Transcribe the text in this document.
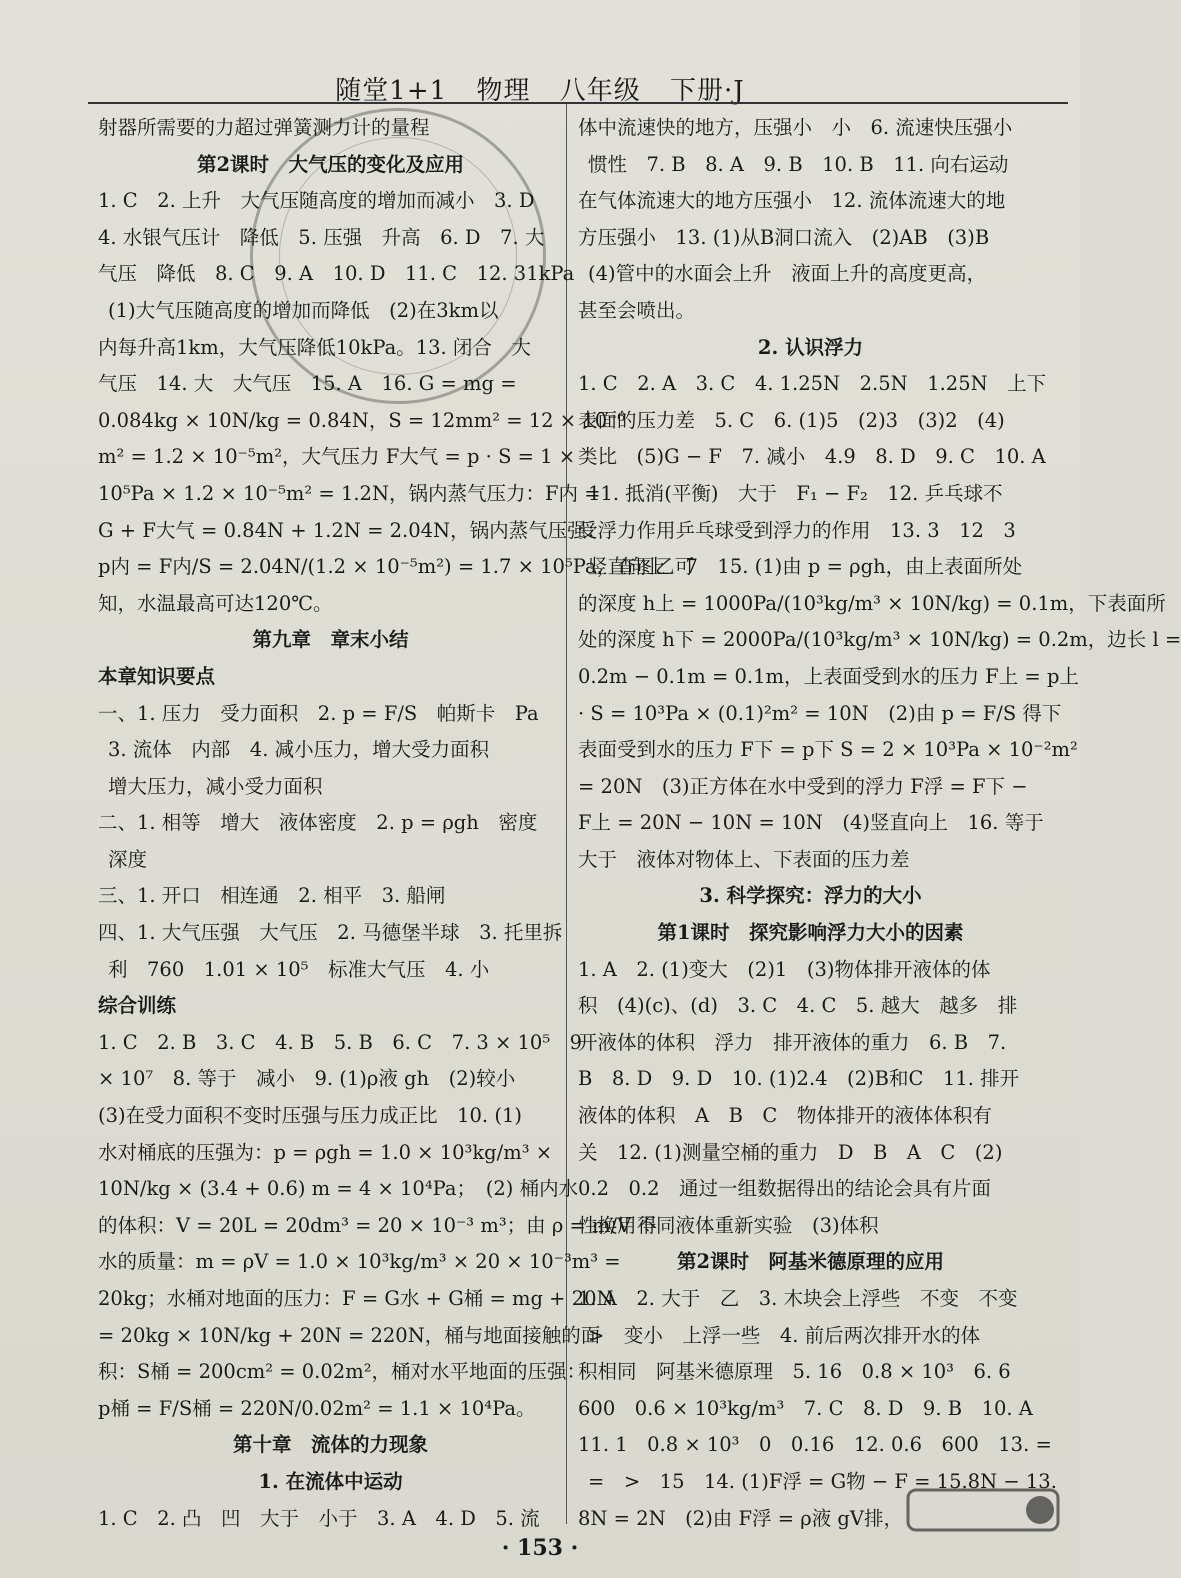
随堂1+1 物理 八年级 下册·J

射器所需要的力超过弹簧测力计的量程

第2课时　大气压的变化及应用

1. C　2. 上升　大气压随高度的增加而减小　3. D

4. 水银气压计　降低　5. 压强　升高　6. D　7. 大

气压　降低　8. C　9. A　10. D　11. C　12. 31kPa

(1)大气压随高度的增加而降低　(2)在3km以

内每升高1km，大气压降低10kPa。13. 闭合　大

气压　14. 大　大气压　15. A　16. G = mg =

0.084kg × 10N/kg = 0.84N，S = 12mm² = 12 × 10⁻⁶

m² = 1.2 × 10⁻⁵m²，大气压力 F大气 = p · S = 1 ×

10⁵Pa × 1.2 × 10⁻⁵m² = 1.2N，锅内蒸气压力：F内 =

G + F大气 = 0.84N + 1.2N = 2.04N，锅内蒸气压强：

p内 = F内/S = 2.04N/(1.2 × 10⁻⁵m²) = 1.7 × 10⁵Pa，查图乙可

知，水温最高可达120℃。

第九章　章末小结

本章知识要点

一、1. 压力　受力面积　2. p = F/S　帕斯卡　Pa

3. 流体　内部　4. 减小压力，增大受力面积

增大压力，减小受力面积

二、1. 相等　增大　液体密度　2. p = ρgh　密度

深度

三、1. 开口　相连通　2. 相平　3. 船闸

四、1. 大气压强　大气压　2. 马德堡半球　3. 托里拆

利　760　1.01 × 10⁵　标准大气压　4. 小

综合训练

1. C　2. B　3. C　4. B　5. B　6. C　7. 3 × 10⁵　9

× 10⁷　8. 等于　减小　9. (1)ρ液 gh　(2)较小

(3)在受力面积不变时压强与压力成正比　10. (1)

水对桶底的压强为：p = ρgh = 1.0 × 10³kg/m³ ×

10N/kg × (3.4 + 0.6) m = 4 × 10⁴Pa；　(2) 桶内水

的体积：V = 20L = 20dm³ = 20 × 10⁻³ m³；由 ρ = m/V 得

水的质量：m = ρV = 1.0 × 10³kg/m³ × 20 × 10⁻³m³ =

20kg；水桶对地面的压力：F = G水 + G桶 = mg + 20N

= 20kg × 10N/kg + 20N = 220N，桶与地面接触的面

积：S桶 = 200cm² = 0.02m²，桶对水平地面的压强：

p桶 = F/S桶 = 220N/0.02m² = 1.1 × 10⁴Pa。

第十章　流体的力现象

1. 在流体中运动

1. C　2. 凸　凹　大于　小于　3. A　4. D　5. 流

体中流速快的地方，压强小　小　6. 流速快压强小

惯性　7. B　8. A　9. B　10. B　11. 向右运动

在气体流速大的地方压强小　12. 流体流速大的地

方压强小　13. (1)从B洞口流入　(2)AB　(3)B

(4)管中的水面会上升　液面上升的高度更高，

甚至会喷出。

2. 认识浮力

1. C　2. A　3. C　4. 1.25N　2.5N　1.25N　上下

表面的压力差　5. C　6. (1)5　(2)3　(3)2　(4)

类比　(5)G − F　7. 减小　4.9　8. D　9. C　10. A

11. 抵消(平衡)　大于　F₁ − F₂　12. 乒乓球不

受浮力作用乒乓球受到浮力的作用　13. 3　12　3

竖直向上　7　15. (1)由 p = ρgh，由上表面所处

的深度 h上 = 1000Pa/(10³kg/m³ × 10N/kg) = 0.1m，下表面所

处的深度 h下 = 2000Pa/(10³kg/m³ × 10N/kg) = 0.2m，边长 l =

0.2m − 0.1m = 0.1m，上表面受到水的压力 F上 = p上

· S = 10³Pa × (0.1)²m² = 10N　(2)由 p = F/S 得下

表面受到水的压力 F下 = p下 S = 2 × 10³Pa × 10⁻²m²

= 20N　(3)正方体在水中受到的浮力 F浮 = F下 −

F上 = 20N − 10N = 10N　(4)竖直向上　16. 等于

大于　液体对物体上、下表面的压力差

3. 科学探究：浮力的大小

第1课时　探究影响浮力大小的因素

1. A　2. (1)变大　(2)1　(3)物体排开液体的体

积　(4)(c)、(d)　3. C　4. C　5. 越大　越多　排

开液体的体积　浮力　排开液体的重力　6. B　7.

B　8. D　9. D　10. (1)2.4　(2)B和C　11. 排开

液体的体积　A　B　C　物体排开的液体体积有

关　12. (1)测量空桶的重力　D　B　A　C　(2)

0.2　0.2　通过一组数据得出的结论会具有片面

性换用不同液体重新实验　(3)体积

第2课时　阿基米德原理的应用

1. A　2. 大于　乙　3. 木块会上浮些　不变　不变

>　变小　上浮一些　4. 前后两次排开水的体

积相同　阿基米德原理　5. 16　0.8 × 10³　6. 6

600　0.6 × 10³kg/m³　7. C　8. D　9. B　10. A

11. 1　0.8 × 10³　0　0.16　12. 0.6　600　13. =

=　>　15　14. (1)F浮 = G物 − F = 15.8N − 13.

8N = 2N　(2)由 F浮 = ρ液 gV排，

· 153 ·
